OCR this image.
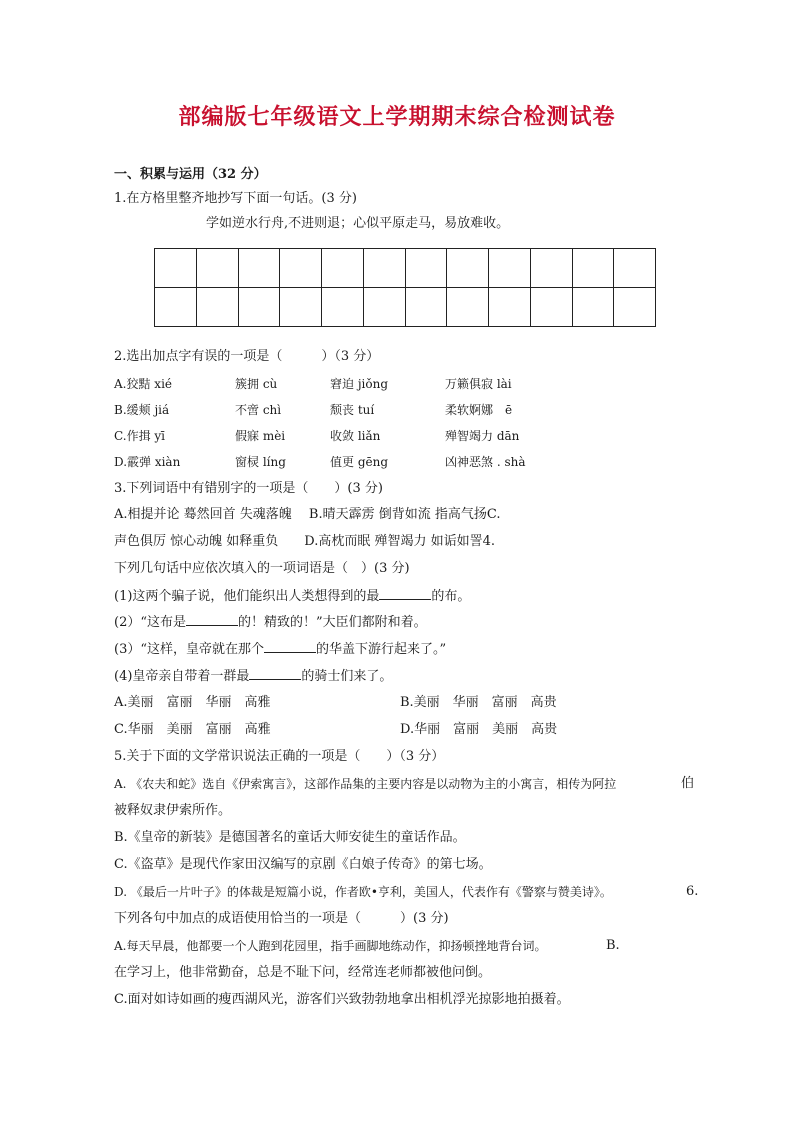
部编版七年级语文上学期期末综合检测试卷
一、积累与运用（32 分）
1.在方格里整齐地抄写下面一句话。(3 分)
学如逆水行舟,不进则退；心似平原走马，易放难收。

2.选出加点字有误的一项是（　　　）（3 分）
A.狡黠 xié	簇拥 cù	窘迫 jiǒng	万籁俱寂 lài
B.缓颊 jiá	不啻 chì	颓丧 tuí	柔软婀娜　ē
C.作揖 yī	假寐 mèi	收敛 liǎn	殚智竭力 dān
D.霰弹 xiàn	窗棂 líng	值更 gēng	凶神恶煞 . shà
3.下列词语中有错别字的一项是（　　）(3 分)
A.相提并论 蓦然回首 失魂落魄　 B.晴天霹雳 倒背如流 指高气扬C.
声色俱厉 惊心动魄 如释重负　　D.高枕而眠 殚智竭力 如诟如詈4.
下列几句话中应依次填入的一项词语是（　）(3 分)
(1)这两个骗子说，他们能织出人类想得到的最	的布。
(2）“这布是	的！精致的！”大臣们都附和着。
(3）“这样，皇帝就在那个	的华盖下游行起来了。”
(4)皇帝亲自带着一群最	的骑士们来了。
A.美丽　富丽　华丽　高雅	B.美丽　华丽　富丽　高贵
C.华丽　美丽　富丽　高雅	D.华丽　富丽　美丽　高贵
5.关于下面的文学常识说法正确的一项是（　　）（3 分）
A. 《农夫和蛇》选自《伊索寓言》，这部作品集的主要内容是以动物为主的小寓言，相传为阿拉	伯
被释奴隶伊索所作。
B.《皇帝的新装》是德国著名的童话大师安徒生的童话作品。
C.《盗草》是现代作家田汉编写的京剧《白娘子传奇》的第七场。
D. 《最后一片叶子》的体裁是短篇小说，作者欧•亨利，美国人，代表作有《警察与赞美诗》。	6.
下列各句中加点的成语使用恰当的一项是（　　　）(3 分)
A.每天早晨，他都要一个人跑到花园里，指手画脚地练动作，抑扬顿挫地背台词。	B.
在学习上，他非常勤奋，总是不耻下问，经常连老师都被他问倒。
C.面对如诗如画的瘦西湖风光，游客们兴致勃勃地拿出相机浮光掠影地拍摄着。
